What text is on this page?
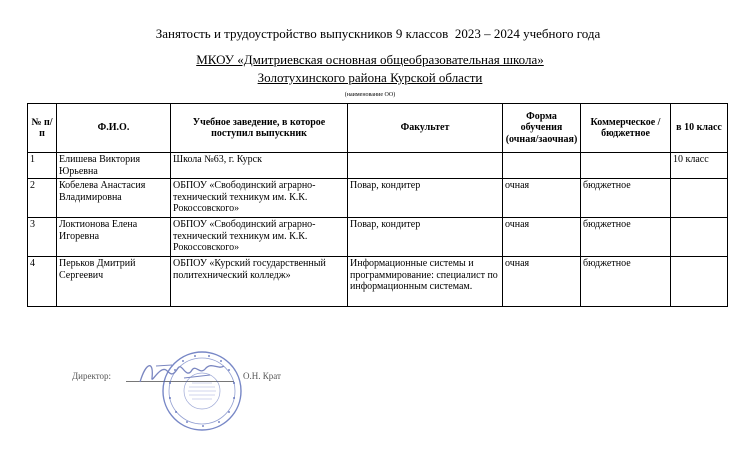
Занятость и трудоустройство выпускников 9 классов  2023 – 2024 учебного года
МКОУ «Дмитриевская основная общеобразовательная школа»
Золотухинского района Курской области
(наименование ОО)
№ п/п	Ф.И.О.	Учебное заведение, в которое поступил выпускник	Факультет	Форма обучения (очная/заочная)	Коммерческое / бюджетное	в 10 класс
1	Елишева Виктория Юрьевна	Школа №63, г. Курск				10 класс
2	Кобелева Анастасия Владимировна	ОБПОУ «Свободинский аграрно-технический техникум им. К.К. Рокоссовского»	Повар, кондитер	очная	бюджетное	
3	Локтионова Елена Игоревна	ОБПОУ «Свободинский аграрно-технический техникум им. К.К. Рокоссовского»	Повар, кондитер	очная	бюджетное	
4	Перьков Дмитрий Сергеевич	ОБПОУ «Курский государственный политехнический колледж»	Информационные системы и программирование: специалист по информационным системам.	очная	бюджетное	
Директор:	О.Н. Крат
